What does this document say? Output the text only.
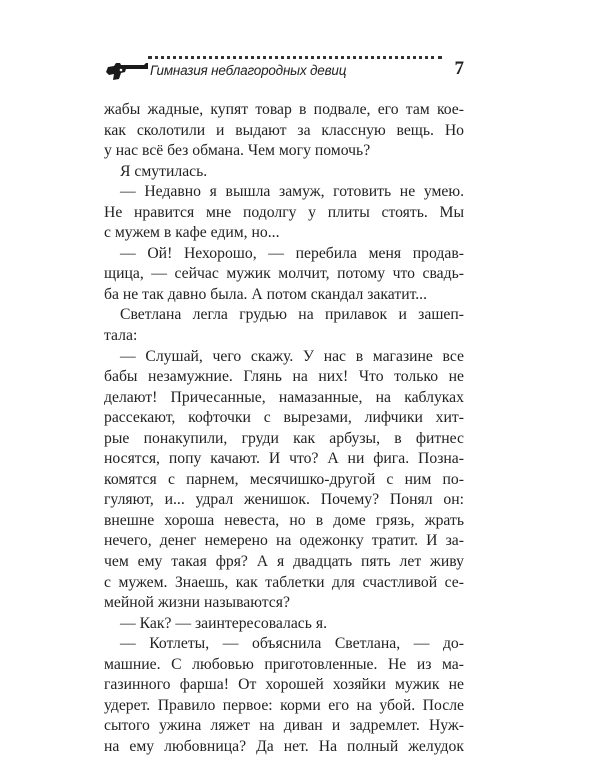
Гимназия неблагородных девиц	7
жабы жадные, купят товар в подвале, его там кое-
как сколотили и выдают за классную вещь. Но
у нас всё без обмана. Чем могу помочь?
Я смутилась.
— Недавно я вышла замуж, готовить не умею.
Не нравится мне подолгу у плиты стоять. Мы
с мужем в кафе едим, но...
— Ой! Нехорошо, — перебила меня продав-
щица, — сейчас мужик молчит, потому что свадь-
ба не так давно была. А потом скандал закатит...
Светлана легла грудью на прилавок и зашеп-
тала:
— Слушай, чего скажу. У нас в магазине все
бабы незамужние. Глянь на них! Что только не
делают! Причесанные, намазанные, на каблуках
рассекают, кофточки с вырезами, лифчики хит-
рые понакупили, груди как арбузы, в фитнес
носятся, попу качают. И что? А ни фига. Позна-
комятся с парнем, месячишко-другой с ним по-
гуляют, и... удрал женишок. Почему? Понял он:
внешне хороша невеста, но в доме грязь, жрать
нечего, денег немерено на одежонку тратит. И за-
чем ему такая фря? А я двадцать пять лет живу
с мужем. Знаешь, как таблетки для счастливой се-
мейной жизни называются?
— Как? — заинтересовалась я.
— Котлеты, — объяснила Светлана, — до-
машние. С любовью приготовленные. Не из ма-
газинного фарша! От хорошей хозяйки мужик не
удерет. Правило первое: корми его на убой. После
сытого ужина ляжет на диван и задремлет. Нуж-
на ему любовница? Да нет. На полный желудок
